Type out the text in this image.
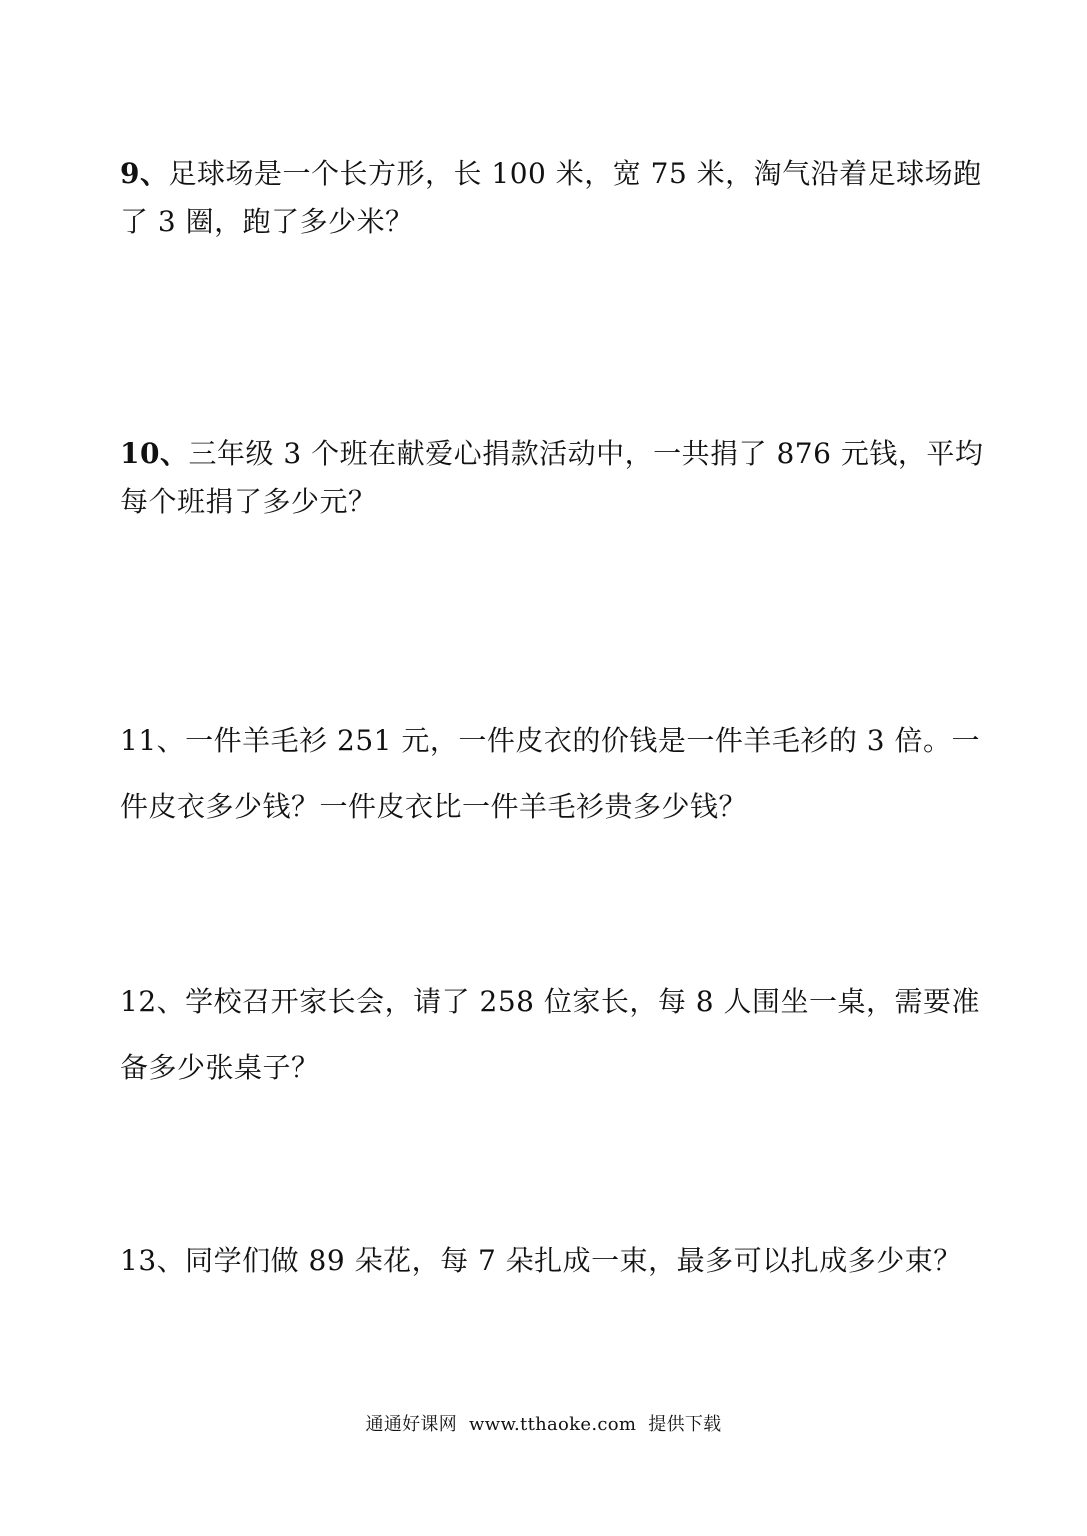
9、足球场是一个长方形，长 100 米，宽 75 米，淘气沿着足球场跑
了 3 圈，跑了多少米？
10、三年级 3 个班在献爱心捐款活动中，一共捐了 876 元钱，平均
每个班捐了多少元？
11、一件羊毛衫 251 元，一件皮衣的价钱是一件羊毛衫的 3 倍。一
件皮衣多少钱？一件皮衣比一件羊毛衫贵多少钱？
12、学校召开家长会，请了 258 位家长，每 8 人围坐一桌，需要准
备多少张桌子？
13、同学们做 89 朵花，每 7 朵扎成一束，最多可以扎成多少束？
通通好课网 www.tthaoke.com 提供下载
